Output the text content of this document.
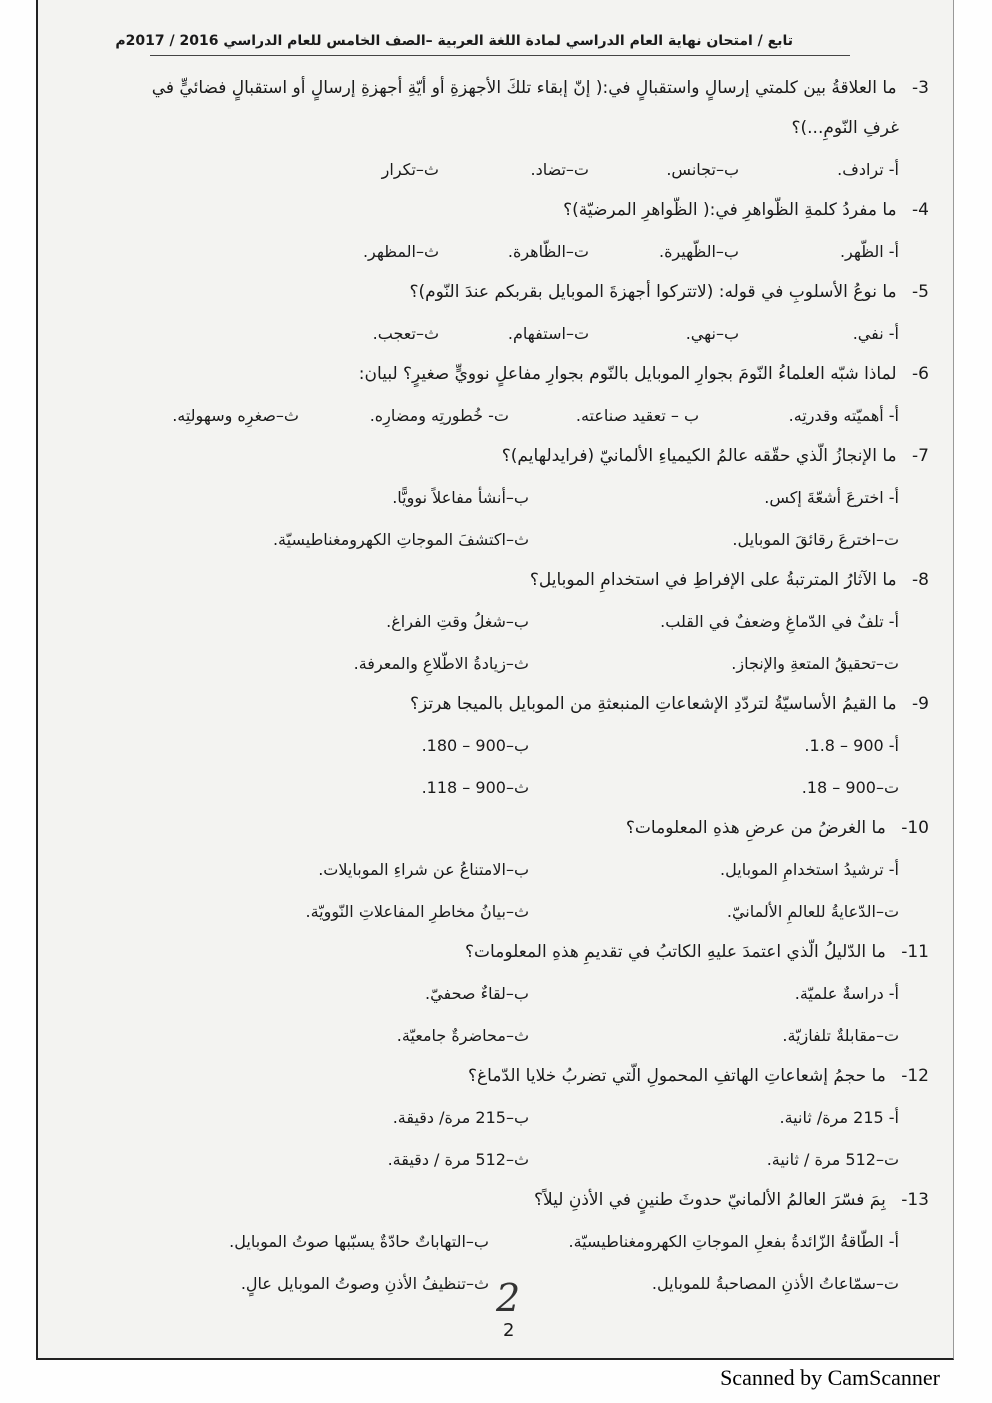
تابع / امتحان نهاية العام الدراسي لمادة اللغة العربية –الصف الخامس للعام الدراسي 2016 / 2017م
3- ما العلاقةُ بين كلمتي إرسالٍ واستقبالٍ في:( إنّ إبقاء تلكَ الأجهزةِ أو أيّةِ أجهزةِ إرسالٍ أو استقبالٍ فضائيٍّ في
غرفِ النّومِ...)؟
أ- ترادف.
ب–تجانس.
ت–تضاد.
ث–تكرار
4- ما مفردُ كلمةِ الظّواهرِ في:( الظّواهرِ المرضيّة)؟
أ- الظّهر.
ب–الظّهيرة.
ت–الظّاهرة.
ث–المظهر.
5- ما نوعُ الأسلوبِ في قوله: (لاتتركوا أجهزةَ الموبايل بقربكم عندَ النّوم)؟
أ- نفي.
ب–نهي.
ت–استفهام.
ث–تعجب.
6- لماذا شبّه العلماءُ النّومَ بجوارِ الموبايل بالنّوم بجوارِ مفاعلٍ نوويٍّ صغيرٍ؟ لبيان:
أ- أهميّته وقدرتِه.
ب – تعقيد صناعته.
ت- خُطورتِه ومضارِه.
ث–صغرِه وسهولتِه.
7- ما الإنجازُ الّذي حقّقه عالمُ الكيمياءِ الألمانيّ (فرايدلهايم)؟
أ- اخترعَ أشعّةَ إكس.
ب–أنشأ مفاعلاً نوويًّا.
ت–اخترعَ رقائقَ الموبايل.
ث–اكتشفَ الموجاتِ الكهرومغناطيسيّة.
8- ما الآثارُ المترتبةُ على الإفراطِ في استخدامِ الموبايل؟
أ- تلفٌ في الدّماغِ وضعفٌ في القلب.
ب–شغلُ وقتِ الفراغ.
ت–تحقيقُ المتعةِ والإنجاز.
ث–زيادةُ الاطّلاعِ والمعرفة.
9- ما القيمُ الأساسيّةُ لتردّدِ الإشعاعاتِ المنبعثةِ من الموبايل بالميجا هرتز؟
أ- 900 – 1.8.
ب–900 – 180.
ت–900 – 18.
ث–900 – 118.
10- ما الغرضُ من عرضِ هذهِ المعلومات؟
أ- ترشيدُ استخدامِ الموبايل.
ب–الامتناعُ عن شراءِ الموبايلات.
ت–الدّعايةُ للعالمِ الألمانيّ.
ث–بيانُ مخاطرِ المفاعلاتِ النّوويّة.
11- ما الدّليلُ الّذي اعتمدَ عليهِ الكاتبُ في تقديمِ هذهِ المعلومات؟
أ- دراسةٌ علميّة.
ب–لقاءٌ صحفيّ.
ت–مقابلةٌ تلفازيّة.
ث–محاضرةٌ جامعيّة.
12- ما حجمُ إشعاعاتِ الهاتفِ المحمولِ الّتي تضربُ خلايا الدّماغ؟
أ- 215 مرة/ ثانية.
ب–215 مرة/ دقيقة.
ت–512 مرة / ثانية.
ث–512 مرة / دقيقة.
13- بِمَ فسّرَ العالمُ الألمانيّ حدوثَ طنينٍ في الأذنِ ليلاً؟
أ- الطّاقةُ الزّائدةُ بفعلِ الموجاتِ الكهرومغناطيسيّة.
ب–التهاباتٌ حادّةٌ يسبّبها صوتُ الموبايل.
ت–سمّاعاتُ الأذنِ المصاحبةُ للموبايل.
ث–تنظيفُ الأذنِ وصوتُ الموبايل عالٍ. 2
2
Scanned by CamScanner
